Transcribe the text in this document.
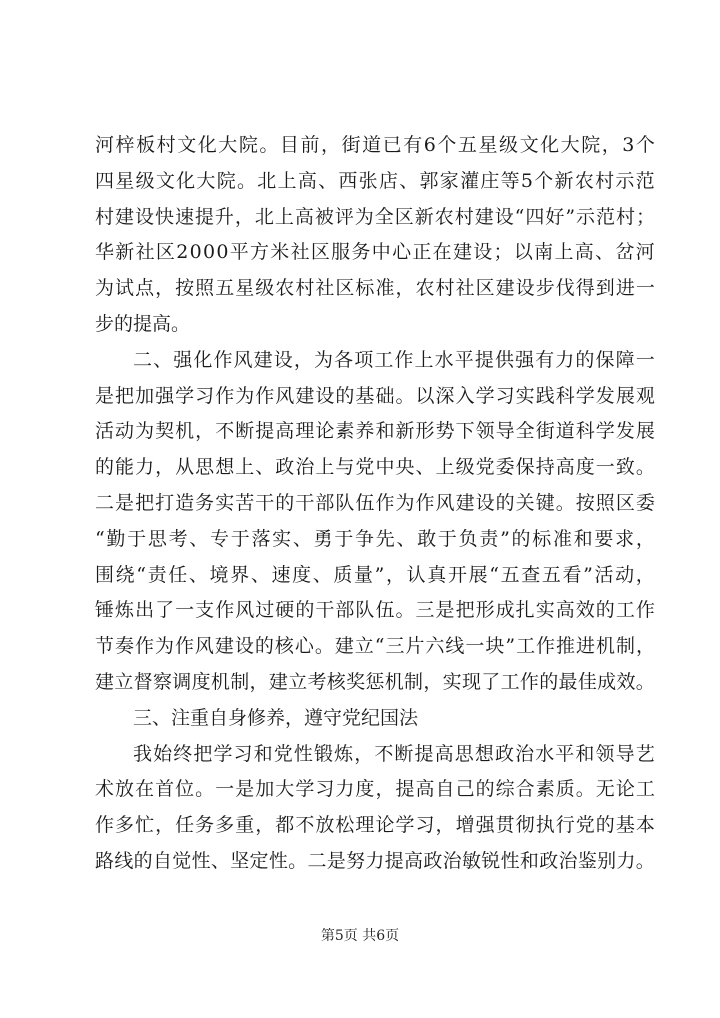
河 梓 板 村 文 化 大 院 。 目 前 ， 街 道 已 有 6 个 五 星 级 文 化 大 院 ， 3 个
四 星 级 文 化 大 院 。 北 上 高 、 西 张 店 、 郭 家 灌 庄 等 5 个 新 农 村 示 范
村 建 设 快 速 提 升 ， 北 上 高 被 评 为 全 区 新 农 村 建 设 “ 四 好 ” 示 范 村 ；
华 新 社 区 2 0 0 0 平 方 米 社 区 服 务 中 心 正 在 建 设 ； 以 南 上 高 、 岔 河
为 试 点 ， 按 照 五 星 级 农 村 社 区 标 准 ， 农 村 社 区 建 设 步 伐 得 到 进 一
步的提高。
二 、 强 化 作 风 建 设 ， 为 各 项 工 作 上 水 平 提 供 强 有 力 的 保 障 一
是 把 加 强 学 习 作 为 作 风 建 设 的 基 础 。 以 深 入 学 习 实 践 科 学 发 展 观
活 动 为 契 机 ， 不 断 提 高 理 论 素 养 和 新 形 势 下 领 导 全 街 道 科 学 发 展
的 能 力 ， 从 思 想 上 、 政 治 上 与 党 中 央 、 上 级 党 委 保 持 高 度 一 致 。
二 是 把 打 造 务 实 苦 干 的 干 部 队 伍 作 为 作 风 建 设 的 关 键 。 按 照 区 委
“ 勤 于 思 考 、 专 于 落 实 、 勇 于 争 先 、 敢 于 负 责 ” 的 标 准 和 要 求 ，
围 绕 “ 责 任 、 境 界 、 速 度 、 质 量 ” ， 认 真 开 展 “ 五 查 五 看 ” 活 动 ，
锤 炼 出 了 一 支 作 风 过 硬 的 干 部 队 伍 。 三 是 把 形 成 扎 实 高 效 的 工 作
节 奏 作 为 作 风 建 设 的 核 心 。 建 立 “ 三 片 六 线 一 块 ” 工 作 推 进 机 制 ，
建 立 督 察 调 度 机 制 ， 建 立 考 核 奖 惩 机 制 ， 实 现 了 工 作 的 最 佳 成 效 。
三、注重自身修养，遵守党纪国法
我 始 终 把 学 习 和 党 性 锻 炼 ， 不 断 提 高 思 想 政 治 水 平 和 领 导 艺
术 放 在 首 位 。 一 是 加 大 学 习 力 度 ， 提 高 自 己 的 综 合 素 质 。 无 论 工
作 多 忙 ， 任 务 多 重 ， 都 不 放 松 理 论 学 习 ， 增 强 贯 彻 执 行 党 的 基 本
路 线 的 自 觉 性 、 坚 定 性 。 二 是 努 力 提 高 政 治 敏 锐 性 和 政 治 鉴 别 力 。
第5页 共6页
